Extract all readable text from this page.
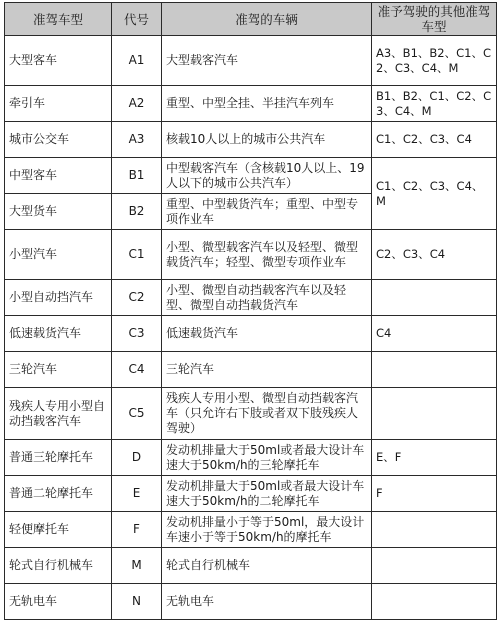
准驾车型	代号	准驾的车辆	准予驾驶的其他准驾车型
大型客车	A1	大型载客汽车	A3、B1、B2、C1、C2、C3、C4、M
牵引车	A2	重型、中型全挂、半挂汽车列车	B1、B2、C1、C2、C3、C4、M
城市公交车	A3	核载10人以上的城市公共汽车	C1、C2、C3、C4
中型客车	B1	中型载客汽车（含核载10人以上、19人以下的城市公共汽车）	C1、C2、C3、C4、M
大型货车	B2	重型、中型载货汽车；重型、中型专项作业车	
小型汽车	C1	小型、微型载客汽车以及轻型、微型载货汽车；轻型、微型专项作业车	C2、C3、C4
小型自动挡汽车	C2	小型、微型自动挡载客汽车以及轻型、微型自动挡载货汽车	
低速载货汽车	C3	低速载货汽车	C4
三轮汽车	C4	三轮汽车	
残疾人专用小型自动挡载客汽车	C5	残疾人专用小型、微型自动挡载客汽车（只允许右下肢或者双下肢残疾人驾驶）	
普通三轮摩托车	D	发动机排量大于50ml或者最大设计车速大于50km/h的三轮摩托车	E、F
普通二轮摩托车	E	发动机排量大于50ml或者最大设计车速大于50km/h的二轮摩托车	F
轻便摩托车	F	发动机排量小于等于50ml，最大设计车速小于等于50km/h的摩托车	
轮式自行机械车	M	轮式自行机械车	
无轨电车	N	无轨电车	
